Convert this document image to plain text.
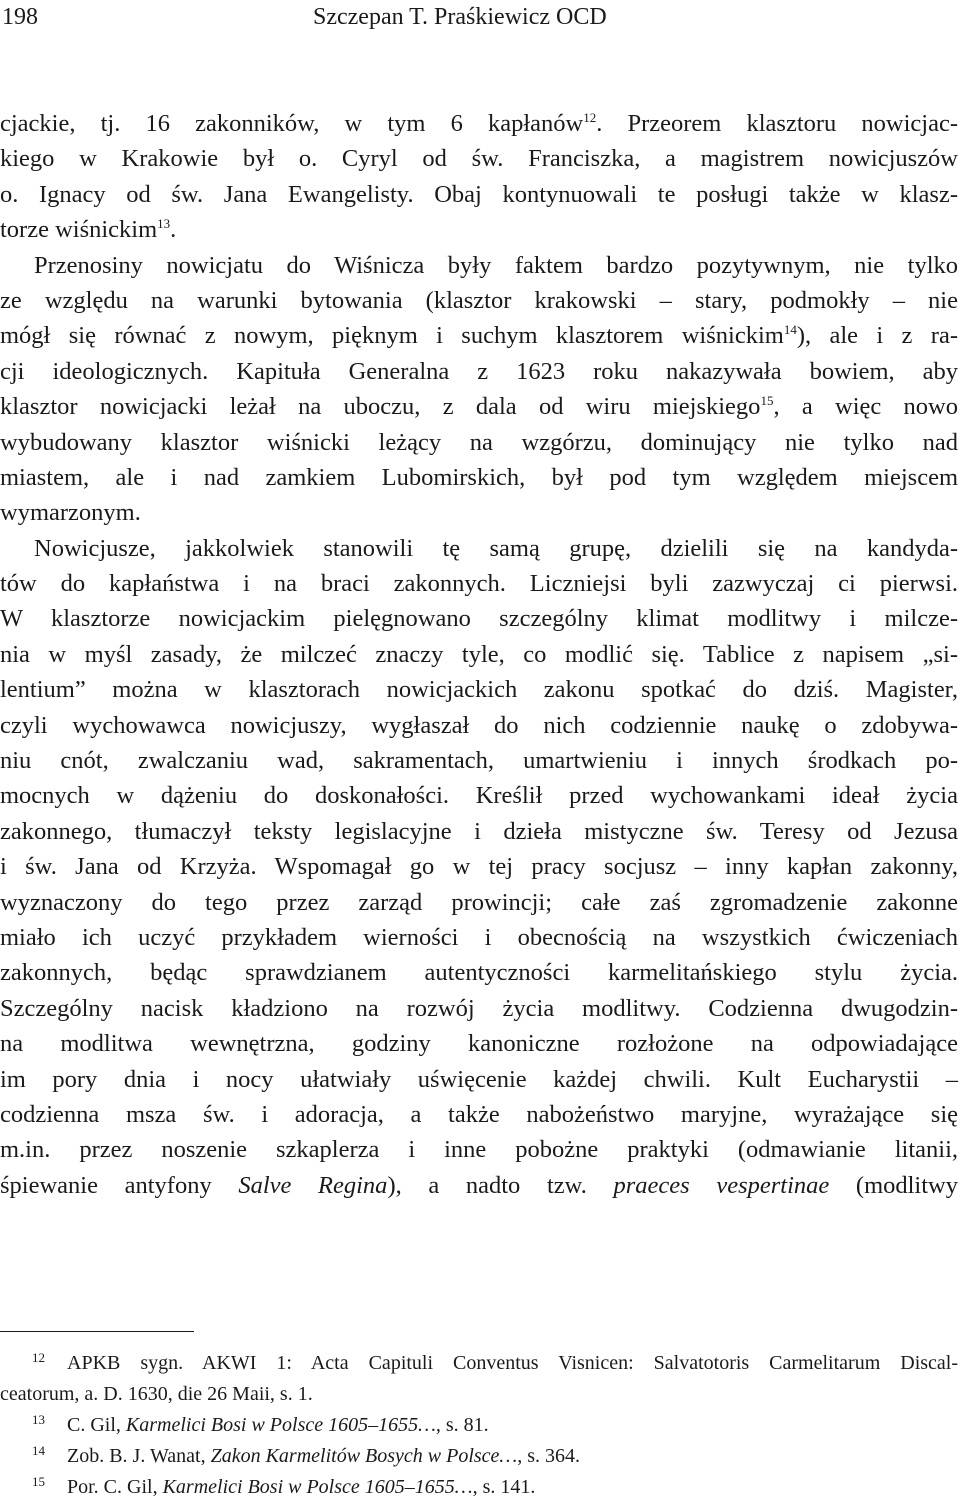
198	Szczepan T. Praśkiewicz OCD
cjackie, tj. 16 zakonników, w tym 6 kapłanów$^{12}$. Przeorem klasztoru nowicjac-
kiego w Krakowie był o. Cyryl od św. Franciszka, a magistrem nowicjuszów
o. Ignacy od św. Jana Ewangelisty. Obaj kontynuowali te posługi także w klasz-
torze wiśnickim$^{13}$.
Przenosiny nowicjatu do Wiśnicza były faktem bardzo pozytywnym, nie tylko
ze względu na warunki bytowania (klasztor krakowski – stary, podmokły – nie
mógł się równać z nowym, pięknym i suchym klasztorem wiśnickim$^{14}$), ale i z ra-
cji ideologicznych. Kapituła Generalna z 1623 roku nakazywała bowiem, aby
klasztor nowicjacki leżał na uboczu, z dala od wiru miejskiego$^{15}$, a więc nowo
wybudowany klasztor wiśnicki leżący na wzgórzu, dominujący nie tylko nad
miastem, ale i nad zamkiem Lubomirskich, był pod tym względem miejscem
wymarzonym.
Nowicjusze, jakkolwiek stanowili tę samą grupę, dzielili się na kandyda-
tów do kapłaństwa i na braci zakonnych. Liczniejsi byli zazwyczaj ci pierwsi.
W klasztorze nowicjackim pielęgnowano szczególny klimat modlitwy i milcze-
nia w myśl zasady, że milczeć znaczy tyle, co modlić się. Tablice z napisem „si-
lentium” można w klasztorach nowicjackich zakonu spotkać do dziś. Magister,
czyli wychowawca nowicjuszy, wygłaszał do nich codziennie naukę o zdobywa-
niu cnót, zwalczaniu wad, sakramentach, umartwieniu i innych środkach po-
mocnych w dążeniu do doskonałości. Kreślił przed wychowankami ideał życia
zakonnego, tłumaczył teksty legislacyjne i dzieła mistyczne św. Teresy od Jezusa
i św. Jana od Krzyża. Wspomagał go w tej pracy socjusz – inny kapłan zakonny,
wyznaczony do tego przez zarząd prowincji; całe zaś zgromadzenie zakonne
miało ich uczyć przykładem wierności i obecnością na wszystkich ćwiczeniach
zakonnych, będąc sprawdzianem autentyczności karmelitańskiego stylu życia.
Szczególny nacisk kładziono na rozwój życia modlitwy. Codzienna dwugodzin-
na modlitwa wewnętrzna, godziny kanoniczne rozłożone na odpowiadające
im pory dnia i nocy ułatwiały uświęcenie każdej chwili. Kult Eucharystii –
codzienna msza św. i adoracja, a także nabożeństwo maryjne, wyrażające się
m.in. przez noszenie szkaplerza i inne pobożne praktyki (odmawianie litanii,
śpiewanie antyfony Salve Regina), a nadto tzw. praeces vespertinae (modlitwy
$^{12}$ APKB sygn. AKWI 1: Acta Capituli Conventus Visnicen: Salvatotoris Carmelitarum Discal-
ceatorum, a. D. 1630, die 26 Maii, s. 1.
$^{13}$ C. Gil, Karmelici Bosi w Polsce 1605–1655…, s. 81.
$^{14}$ Zob. B. J. Wanat, Zakon Karmelitów Bosych w Polsce…, s. 364.
$^{15}$ Por. C. Gil, Karmelici Bosi w Polsce 1605–1655…, s. 141.
